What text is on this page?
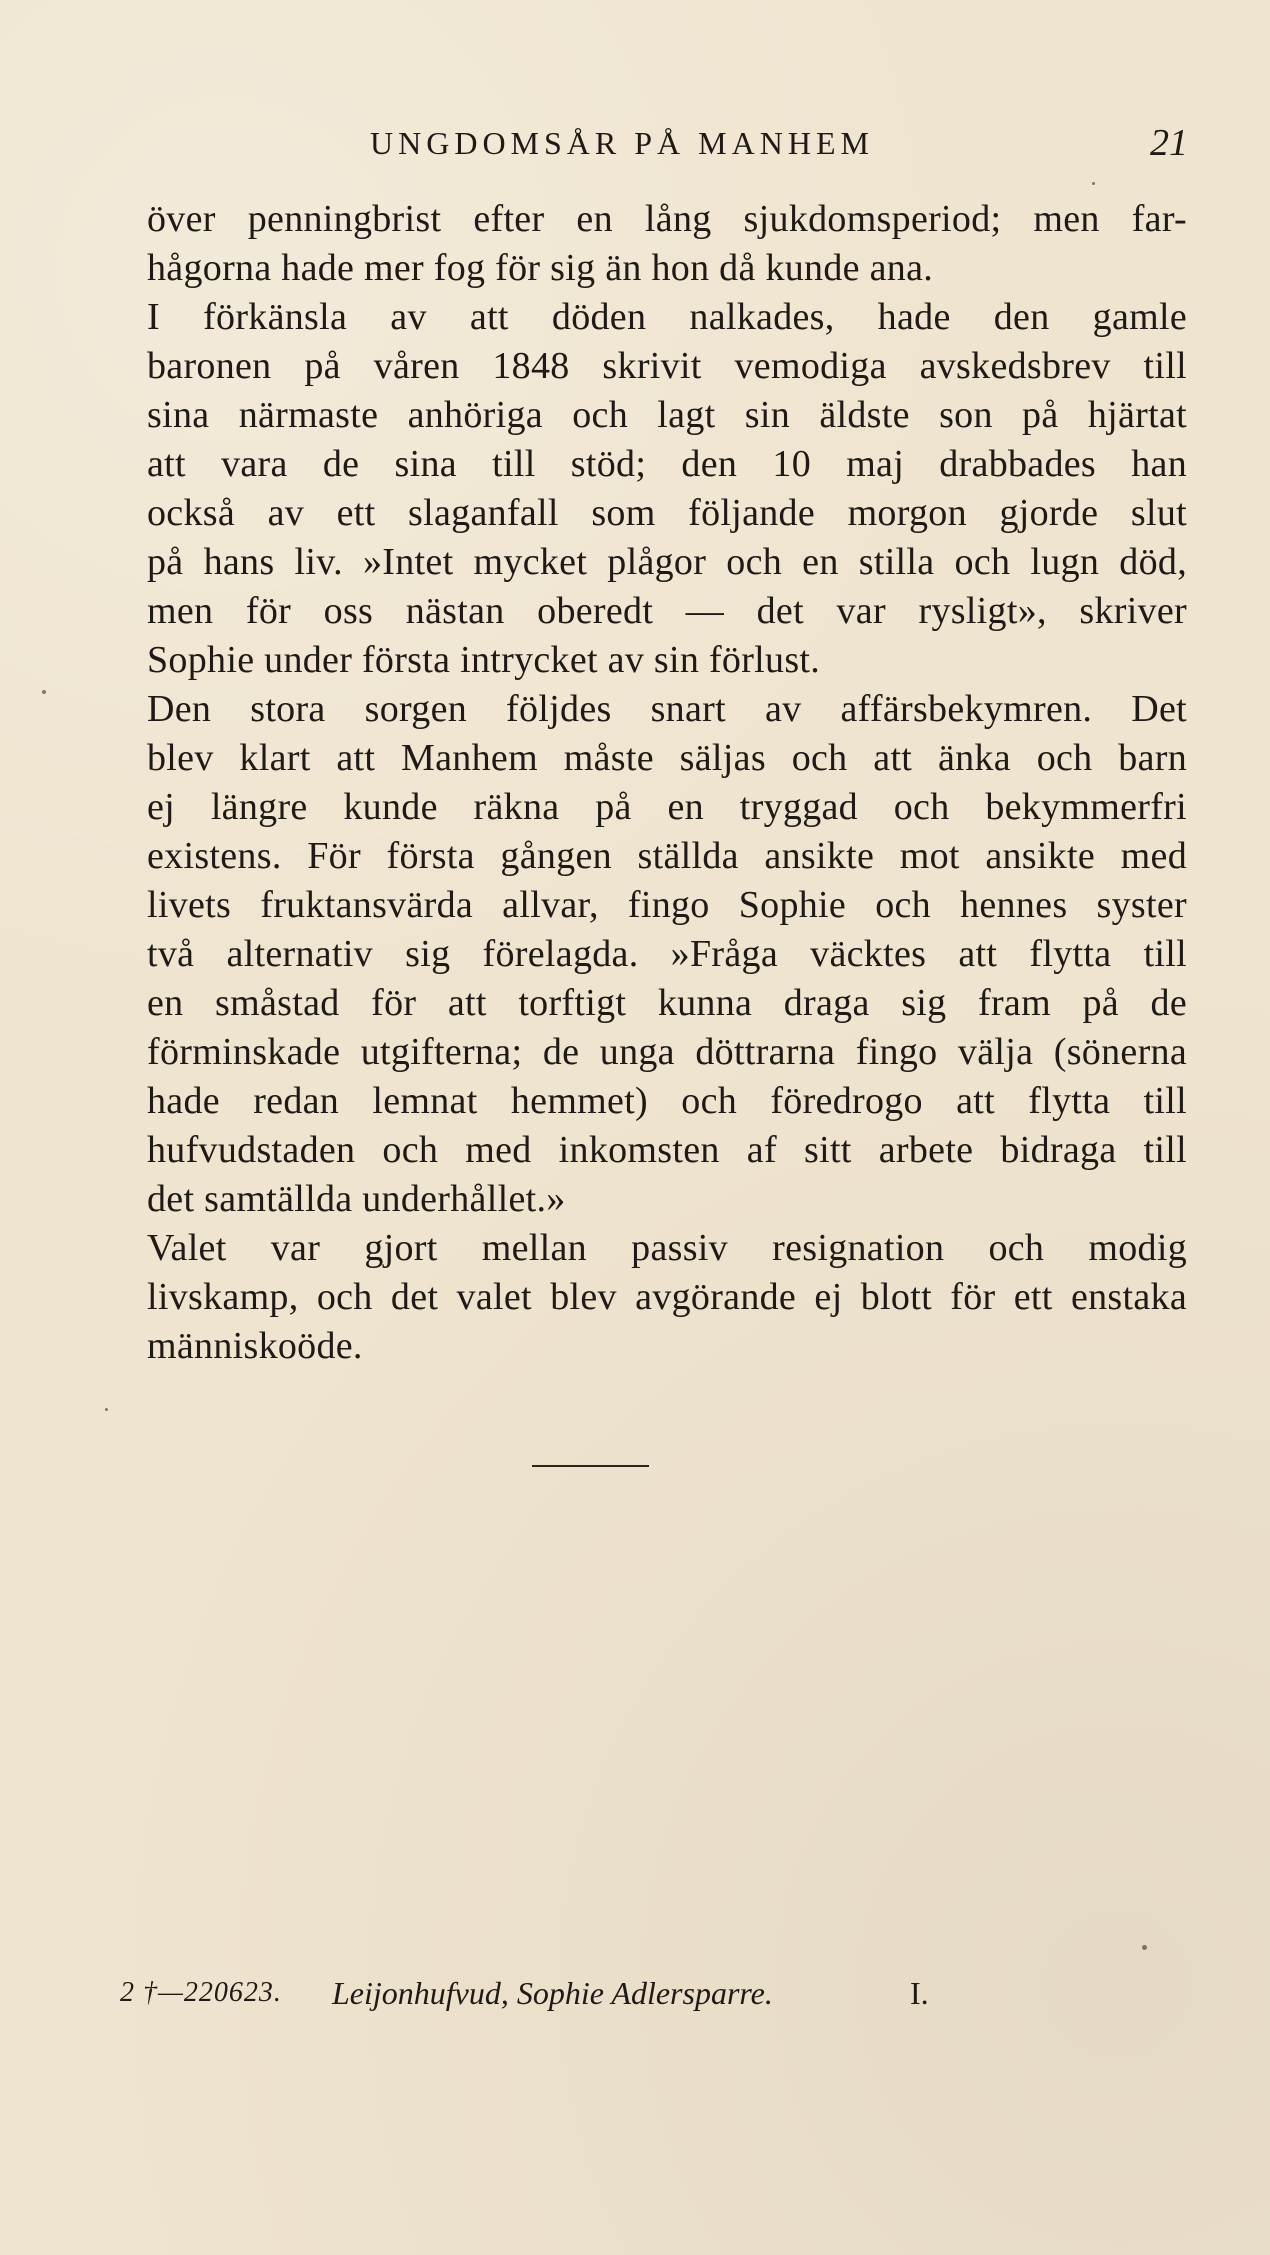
UNGDOMSÅR PÅ MANHEM	21
över penningbrist efter en lång sjukdomsperiod; men far-
hågorna hade mer fog för sig än hon då kunde ana.
I förkänsla av att döden nalkades, hade den gamle
baronen på våren 1848 skrivit vemodiga avskedsbrev till
sina närmaste anhöriga och lagt sin äldste son på hjärtat
att vara de sina till stöd; den 10 maj drabbades han
också av ett slaganfall som följande morgon gjorde slut
på hans liv. »Intet mycket plågor och en stilla och lugn död,
men för oss nästan oberedt — det var rysligt», skriver
Sophie under första intrycket av sin förlust.
Den stora sorgen följdes snart av affärsbekymren. Det
blev klart att Manhem måste säljas och att änka och barn
ej längre kunde räkna på en tryggad och bekymmerfri
existens. För första gången ställda ansikte mot ansikte med
livets fruktansvärda allvar, fingo Sophie och hennes syster
två alternativ sig förelagda. »Fråga väcktes att flytta till
en småstad för att torftigt kunna draga sig fram på de
förminskade utgifterna; de unga döttrarna fingo välja (sönerna
hade redan lemnat hemmet) och föredrogo att flytta till
hufvudstaden och med inkomsten af sitt arbete bidraga till
det samtällda underhållet.»
Valet var gjort mellan passiv resignation och modig
livskamp, och det valet blev avgörande ej blott för ett enstaka
människoöde.
2 †—220623. Leijonhufvud, Sophie Adlersparre.	I.
